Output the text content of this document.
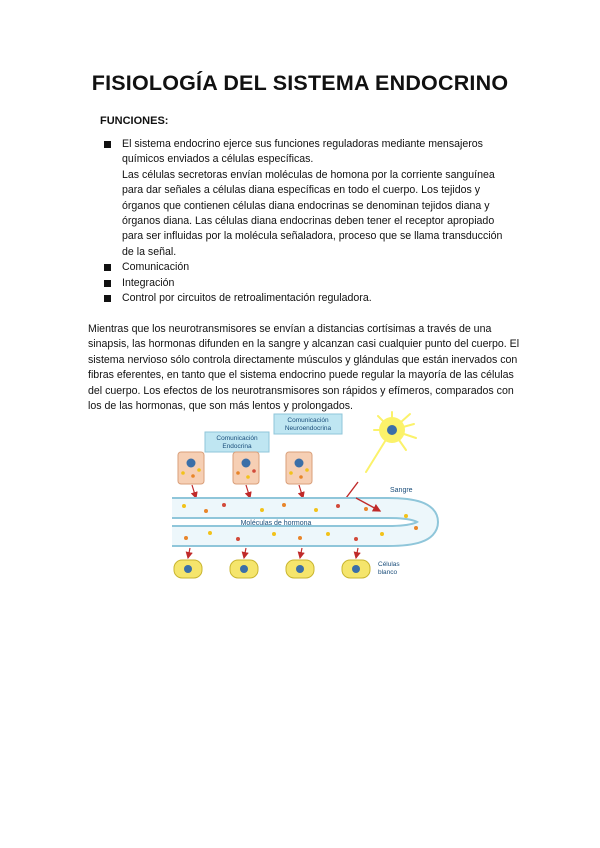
FISIOLOGÍA DEL SISTEMA ENDOCRINO

FUNCIONES:

El sistema endocrino ejerce sus funciones reguladoras mediante mensajeros químicos enviados a células específicas.

Las células secretoras envían moléculas de homona por la corriente sanguínea para dar señales a células diana específicas en todo el cuerpo. Los tejidos y órganos que contienen células diana endocrinas se denominan tejidos diana y órganos diana. Las células diana endocrinas deben tener el receptor apropiado para ser influidas por la molécula señaladora, proceso que se llama transducción de la señal.

Comunicación

Integración

Control por circuitos de retroalimentación reguladora.

Mientras que los neurotransmisores se envían a distancias cortísimas a través de una sinapsis, las hormonas difunden en la sangre y alcanzan casi cualquier punto del cuerpo. El sistema nervioso sólo controla directamente músculos y glándulas que están inervados con fibras eferentes, en tanto que el sistema endocrino puede regular la mayoría de las células del cuerpo. Los efectos de los neurotransmisores son rápidos y efímeros, comparados con los de las hormonas, que son más lentos y prolongados.

Comunicación
Endocrina
Comunicación
Neuroendocrina
Sangre
Moléculas de hormona
Células
blanco
